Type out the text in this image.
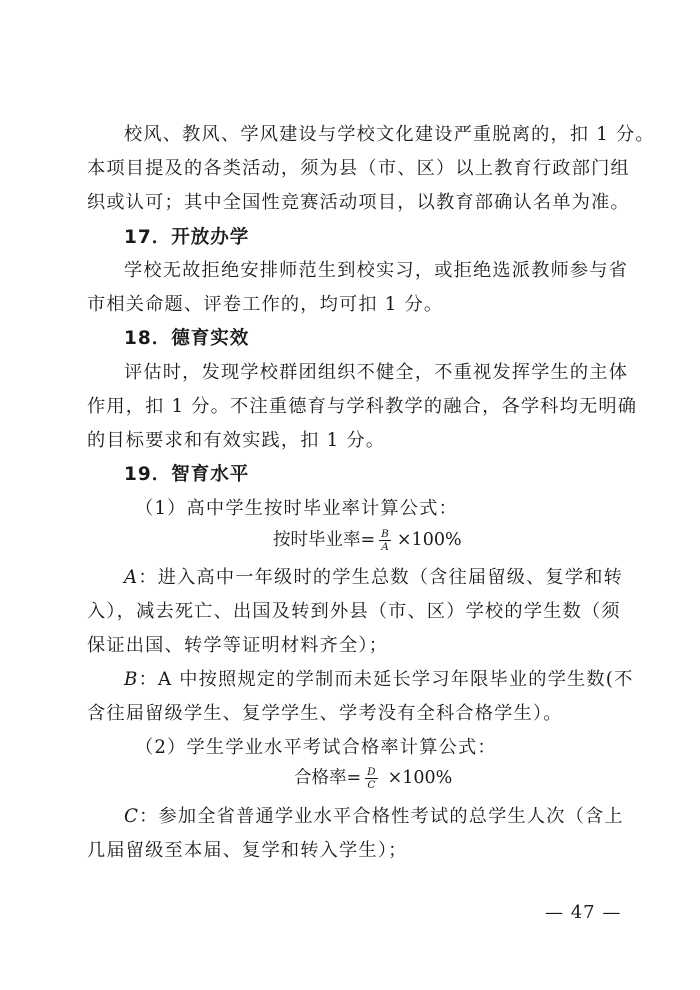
校风、教风、学风建设与学校文化建设严重脱离的，扣 1 分。
本项目提及的各类活动，须为县（市、区）以上教育行政部门组
织或认可；其中全国性竞赛活动项目，以教育部确认名单为准。
17．开放办学
学校无故拒绝安排师范生到校实习，或拒绝选派教师参与省
市相关命题、评卷工作的，均可扣 1 分。
18．德育实效
评估时，发现学校群团组织不健全，不重视发挥学生的主体
作用，扣 1 分。不注重德育与学科教学的融合，各学科均无明确
的目标要求和有效实践，扣 1 分。
19．智育水平
（1）高中学生按时毕业率计算公式：
按时毕业率= $\frac{B}{A} \times 100\%$
A：进入高中一年级时的学生总数（含往届留级、复学和转
入），减去死亡、出国及转到外县（市、区）学校的学生数（须
保证出国、转学等证明材料齐全）；
B：A 中按照规定的学制而未延长学习年限毕业的学生数(不
含往届留级学生、复学学生、学考没有全科合格学生）。
（2）学生学业水平考试合格率计算公式：
合格率= $\frac{D}{C} \times 100\%$
C：参加全省普通学业水平合格性考试的总学生人次（含上
几届留级至本届、复学和转入学生）；
— 47 —
